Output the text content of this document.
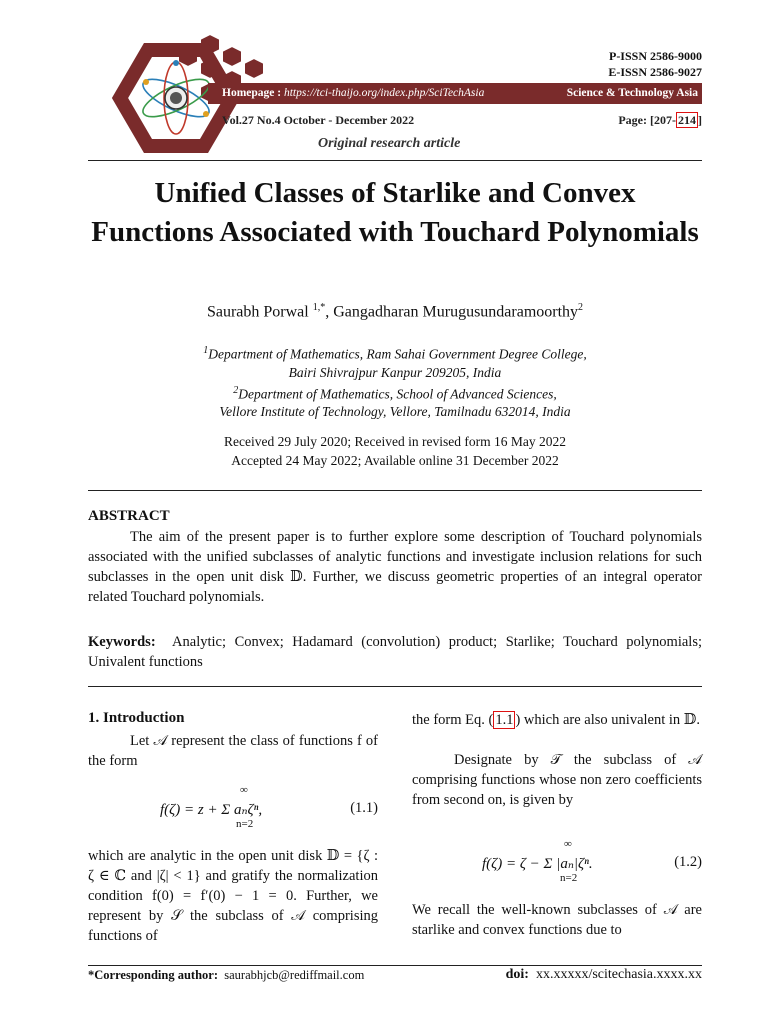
P-ISSN 2586-9000
E-ISSN 2586-9027
Homepage : https://tci-thaijo.org/index.php/SciTechAsia	Science & Technology Asia
Vol.27 No.4 October - December 2022	Page: [207- 214 ]
Original research article
Unified Classes of Starlike and Convex Functions Associated with Touchard Polynomials
Saurabh Porwal $^{1,*}$, Gangadharan Murugusundaramoorthy$^2$
$^1$Department of Mathematics, Ram Sahai Government Degree College,
Bairi Shivrajpur Kanpur 209205, India
$^2$Department of Mathematics, School of Advanced Sciences,
Vellore Institute of Technology, Vellore, Tamilnadu 632014, India
Received 29 July 2020; Received in revised form 16 May 2022
Accepted 24 May 2022; Available online 31 December 2022
ABSTRACT
The aim of the present paper is to further explore some description of Touchard polynomials associated with the unified subclasses of analytic functions and investigate inclusion relations for such subclasses in the open unit disk 𝔻. Further, we discuss geometric properties of an integral operator related Touchard polynomials.
Keywords: Analytic; Convex; Hadamard (convolution) product; Starlike; Touchard polynomials; Univalent functions
1. Introduction
Let 𝒜 represent the class of functions f of the form
f(ζ) = z + Σ aₙζⁿ,
∞
n=2
(1.1)
which are analytic in the open unit disk 𝔻 = {ζ : ζ ∈ ℂ and |ζ| < 1} and gratify the normalization condition f(0) = f′(0) − 1 = 0. Further, we represent by 𝒮 the subclass of 𝒜 comprising functions of
the form Eq. ( 1.1 ) which are also univalent in 𝔻.
Designate by 𝒯 the subclass of 𝒜 comprising functions whose non zero coefficients from second on, is given by
f(ζ) = ζ − Σ |aₙ|ζⁿ.
∞
n=2
(1.2)
We recall the well-known subclasses of 𝒜 are starlike and convex functions due to
*Corresponding author: saurabhjcb@rediffmail.com	doi: xx.xxxxx/scitechasia.xxxx.xx
